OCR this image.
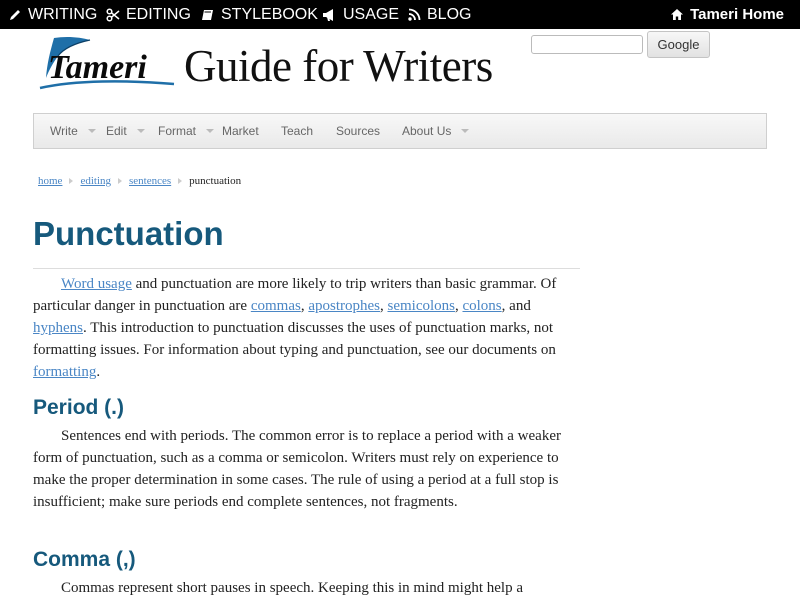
WRITING EDITING STYLEBOOK USAGE BLOG	Tameri Home
Tameri Guide for Writers	Google
Write Edit	Format Market Teach Sources About Us
home editing sentences punctuation
Punctuation

Word usage and punctuation are more likely to trip writers than basic grammar. Of particular danger in punctuation are commas, apostrophes, semicolons, colons, and hyphens. This introduction to punctuation discusses the uses of punctuation marks, not formatting issues. For information about typing and punctuation, see our documents on formatting.

Period (.)

Sentences end with periods. The common error is to replace a period with a weaker form of punctuation, such as a comma or semicolon. Writers must rely on experience to make the proper determination in some cases. The rule of using a period at a full stop is insufficient; make sure periods end complete sentences, not fragments.

Comma (,)

Commas represent short pauses in speech. Keeping this in mind might help a
